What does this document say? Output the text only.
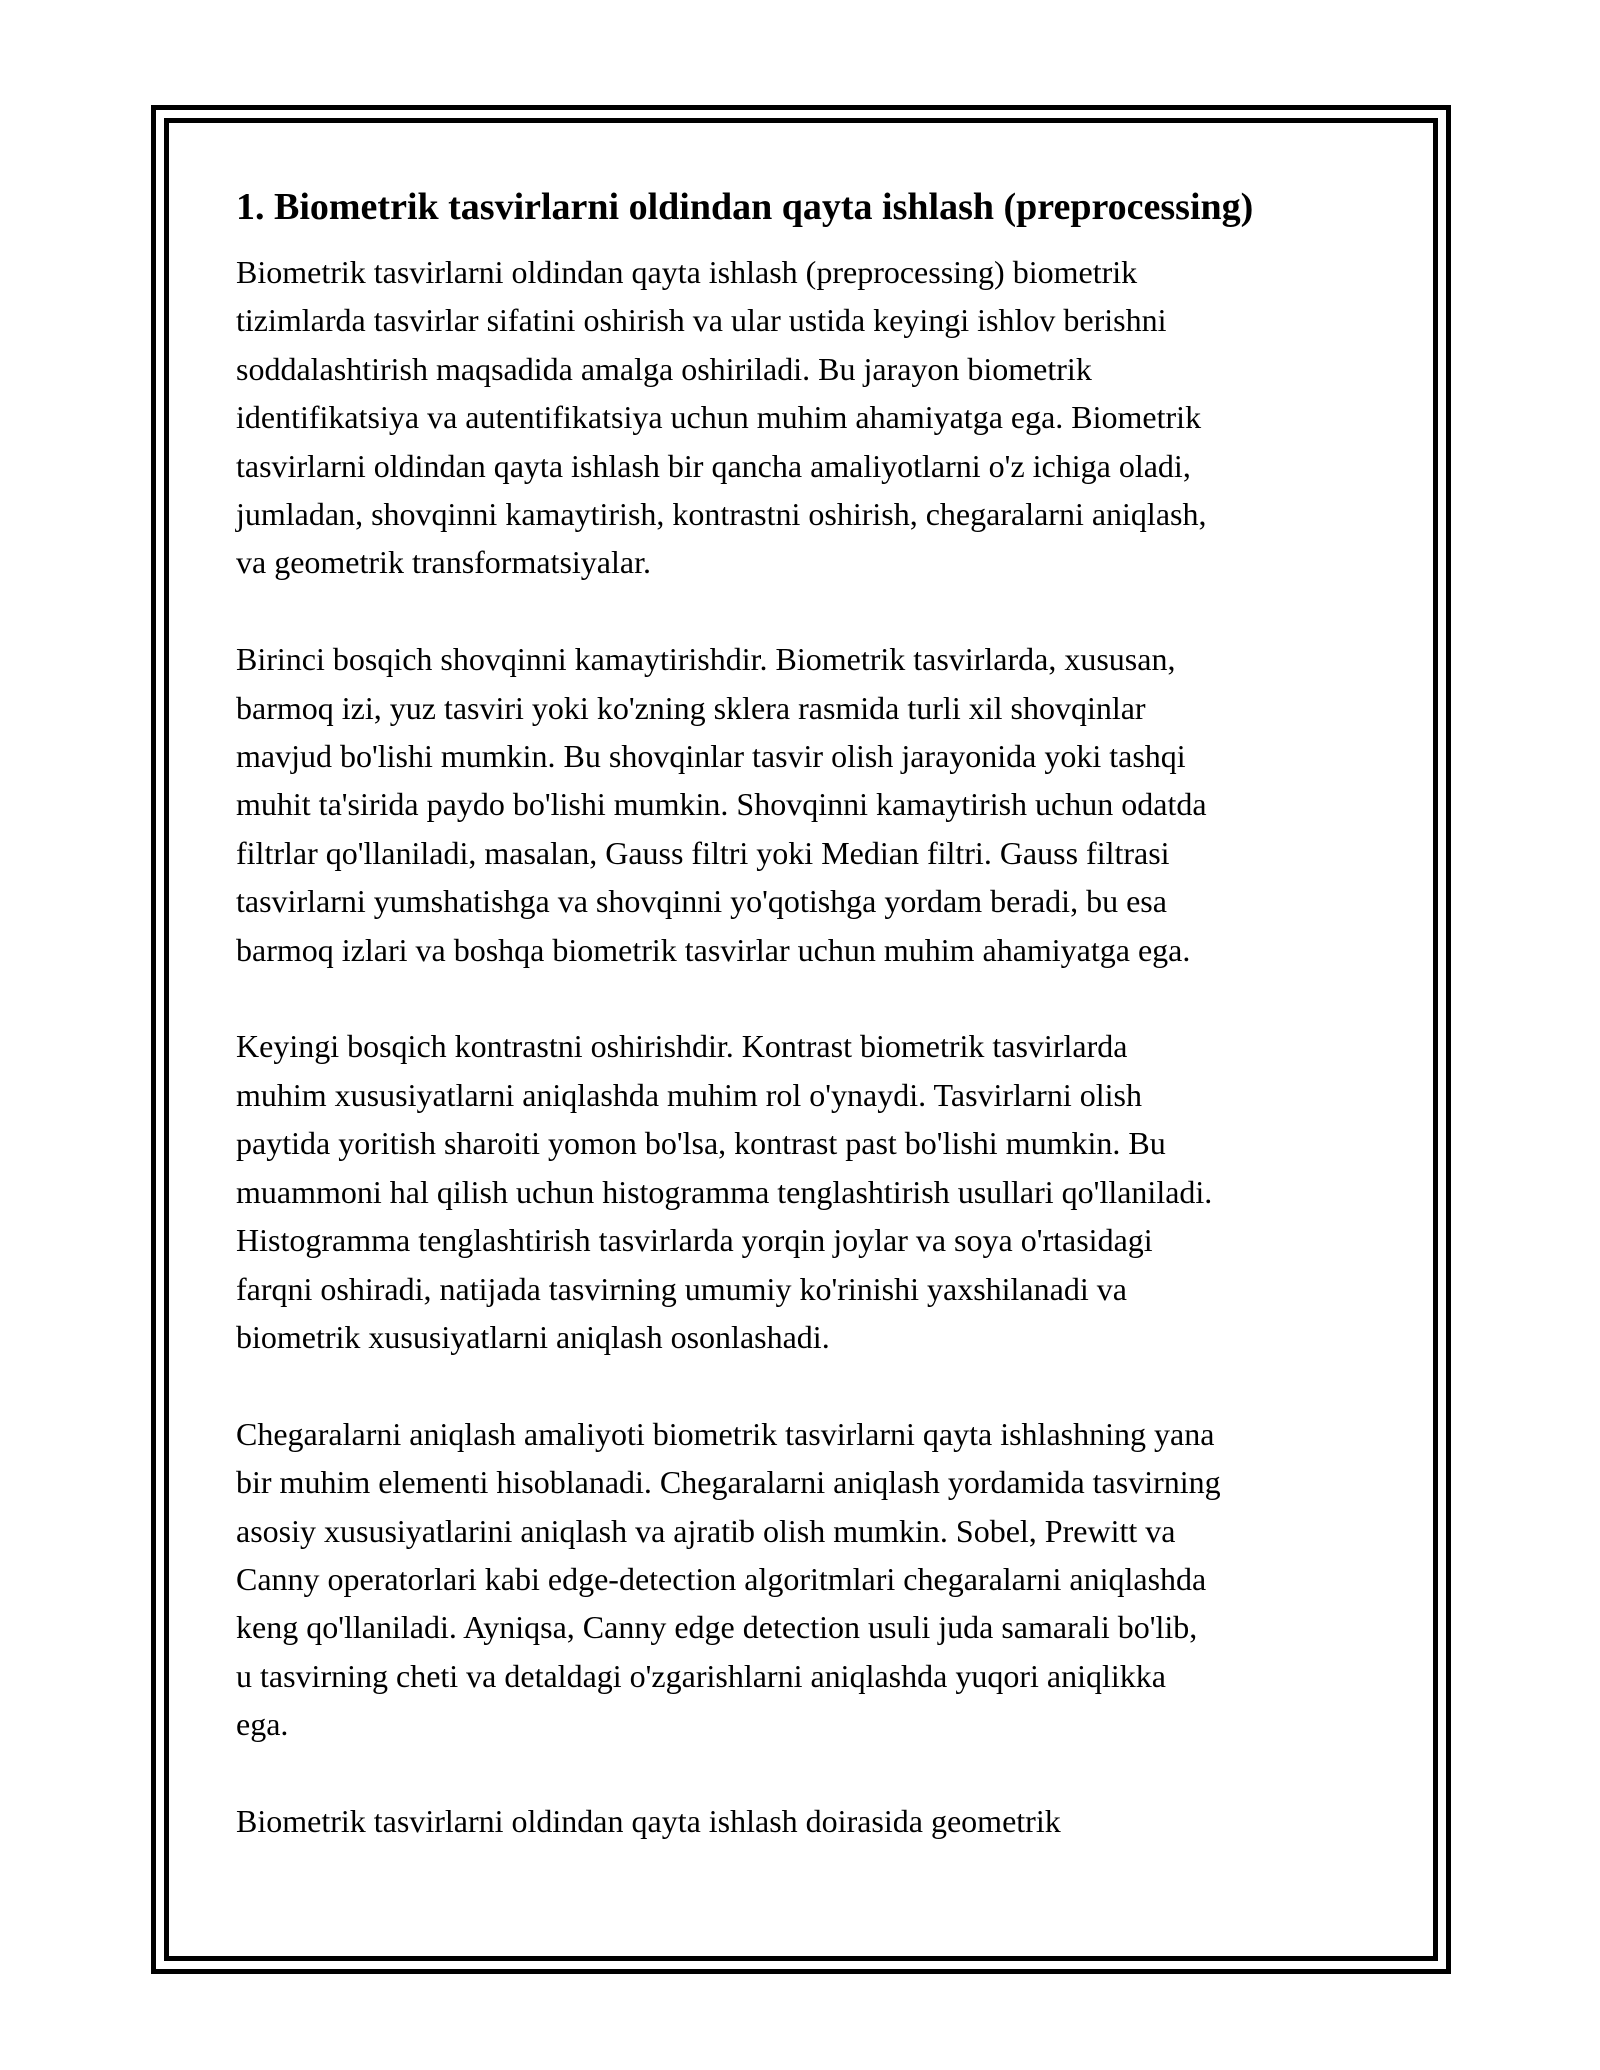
1. Biometrik tasvirlarni oldindan qayta ishlash (preprocessing)
Biometrik tasvirlarni oldindan qayta ishlash (preprocessing) biometrik
tizimlarda tasvirlar sifatini oshirish va ular ustida keyingi ishlov berishni
soddalashtirish maqsadida amalga oshiriladi. Bu jarayon biometrik
identifikatsiya va autentifikatsiya uchun muhim ahamiyatga ega. Biometrik
tasvirlarni oldindan qayta ishlash bir qancha amaliyotlarni o'z ichiga oladi,
jumladan, shovqinni kamaytirish, kontrastni oshirish, chegaralarni aniqlash,
va geometrik transformatsiyalar.
Birinci bosqich shovqinni kamaytirishdir. Biometrik tasvirlarda, xususan,
barmoq izi, yuz tasviri yoki ko'zning sklera rasmida turli xil shovqinlar
mavjud bo'lishi mumkin. Bu shovqinlar tasvir olish jarayonida yoki tashqi
muhit ta'sirida paydo bo'lishi mumkin. Shovqinni kamaytirish uchun odatda
filtrlar qo'llaniladi, masalan, Gauss filtri yoki Median filtri. Gauss filtrasi
tasvirlarni yumshatishga va shovqinni yo'qotishga yordam beradi, bu esa
barmoq izlari va boshqa biometrik tasvirlar uchun muhim ahamiyatga ega.
Keyingi bosqich kontrastni oshirishdir. Kontrast biometrik tasvirlarda
muhim xususiyatlarni aniqlashda muhim rol o'ynaydi. Tasvirlarni olish
paytida yoritish sharoiti yomon bo'lsa, kontrast past bo'lishi mumkin. Bu
muammoni hal qilish uchun histogramma tenglashtirish usullari qo'llaniladi.
Histogramma tenglashtirish tasvirlarda yorqin joylar va soya o'rtasidagi
farqni oshiradi, natijada tasvirning umumiy ko'rinishi yaxshilanadi va
biometrik xususiyatlarni aniqlash osonlashadi.
Chegaralarni aniqlash amaliyoti biometrik tasvirlarni qayta ishlashning yana
bir muhim elementi hisoblanadi. Chegaralarni aniqlash yordamida tasvirning
asosiy xususiyatlarini aniqlash va ajratib olish mumkin. Sobel, Prewitt va
Canny operatorlari kabi edge-detection algoritmlari chegaralarni aniqlashda
keng qo'llaniladi. Ayniqsa, Canny edge detection usuli juda samarali bo'lib,
u tasvirning cheti va detaldagi o'zgarishlarni aniqlashda yuqori aniqlikka
ega.
Biometrik tasvirlarni oldindan qayta ishlash doirasida geometrik
